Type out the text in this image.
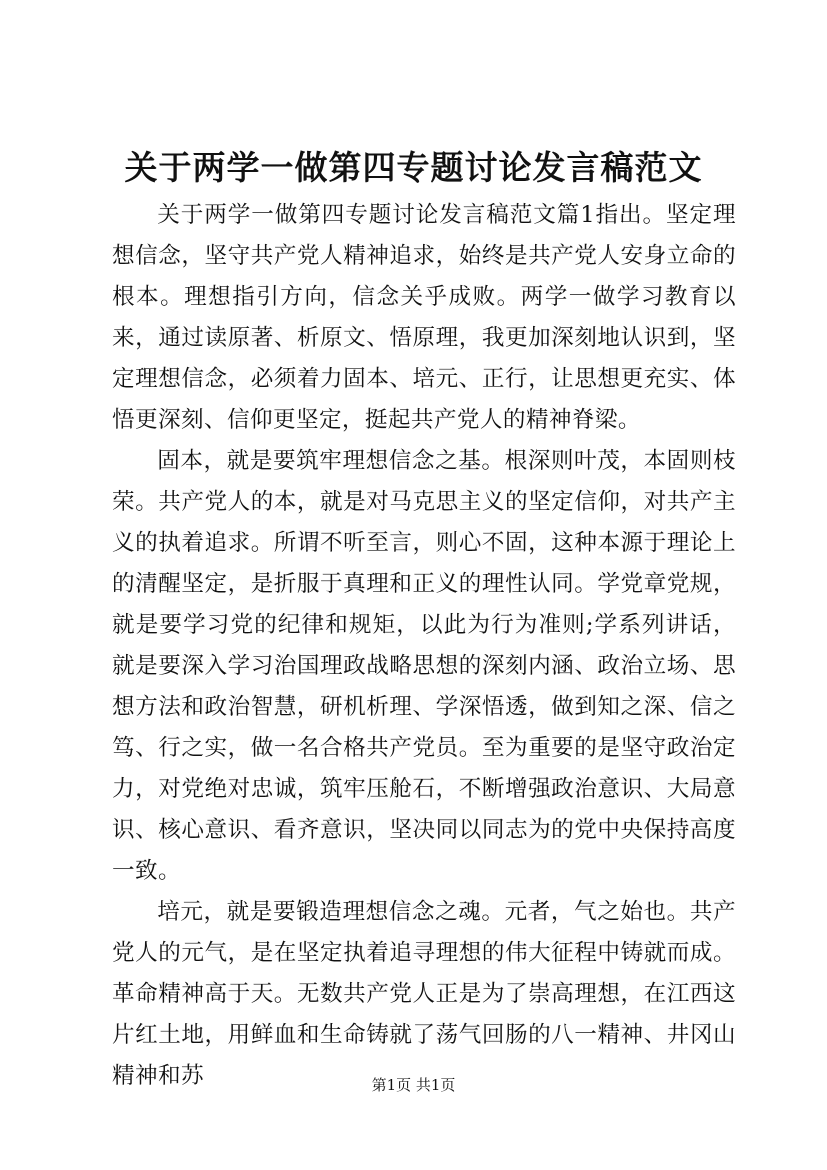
关于两学一做第四专题讨论发言稿范文

关于两学一做第四专题讨论发言稿范文篇1指出。坚定理想信念，坚守共产党人精神追求，始终是共产党人安身立命的根本。理想指引方向，信念关乎成败。两学一做学习教育以来，通过读原著、析原文、悟原理，我更加深刻地认识到，坚定理想信念，必须着力固本、培元、正行，让思想更充实、体悟更深刻、信仰更坚定，挺起共产党人的精神脊梁。

固本，就是要筑牢理想信念之基。根深则叶茂，本固则枝荣。共产党人的本，就是对马克思主义的坚定信仰，对共产主义的执着追求。所谓不听至言，则心不固，这种本源于理论上的清醒坚定，是折服于真理和正义的理性认同。学党章党规，就是要学习党的纪律和规矩，以此为行为准则;学系列讲话，就是要深入学习治国理政战略思想的深刻内涵、政治立场、思想方法和政治智慧，研机析理、学深悟透，做到知之深、信之笃、行之实，做一名合格共产党员。至为重要的是坚守政治定力，对党绝对忠诚，筑牢压舱石，不断增强政治意识、大局意识、核心意识、看齐意识，坚决同以同志为的党中央保持高度一致。

培元，就是要锻造理想信念之魂。元者，气之始也。共产党人的元气，是在坚定执着追寻理想的伟大征程中铸就而成。革命精神高于天。无数共产党人正是为了崇高理想，在江西这片红土地，用鲜血和生命铸就了荡气回肠的八一精神、井冈山精神和苏	第1页 共1页
